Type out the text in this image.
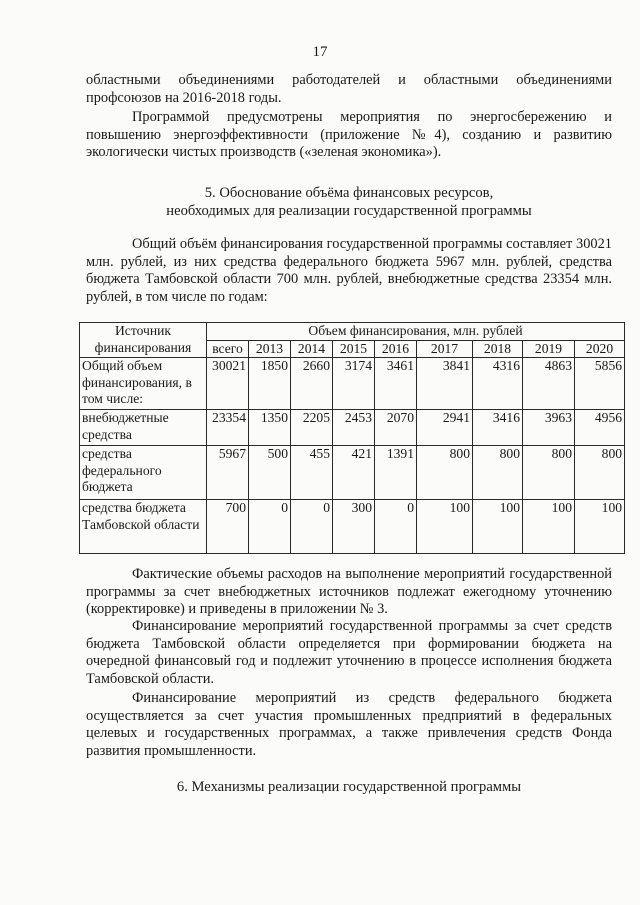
17

областными объединениями работодателей и областными объединениями

профсоюзов на 2016-2018 годы.

Программой предусмотрены мероприятия по энергосбережению и повышению энергоэффективности (приложение №4), созданию и развитию экологически чистых производств («зеленая экономика»).

5. Обоснование объёма финансовых ресурсов,

необходимых для реализации государственной программы

Общий объём финансирования государственной программы составляет 30021 млн. рублей, из них средства федерального бюджета 5967 млн. рублей, средства бюджета Тамбовской области 700 млн. рублей, внебюджетные средства 23354 млн. рублей, в том числе по годам:

Источник финансирования	Объем финансирования, млн. рублей								
	всего	2013	2014	2015	2016	2017	2018	2019	2020
Общий объем финансирования, в том числе:	30021	1850	2660	3174	3461	3841	4316	4863	5856
внебюджетные средства	23354	1350	2205	2453	2070	2941	3416	3963	4956
средства федерального бюджета	5967	500	455	421	1391	800	800	800	800
средства бюджета Тамбовской области	700	0	0	300	0	100	100	100	100

Фактические объемы расходов на выполнение мероприятий государственной программы за счет внебюджетных источников подлежат ежегодному уточнению (корректировке) и приведены в приложении № 3.

Финансирование мероприятий государственной программы за счет средств бюджета Тамбовской области определяется при формировании бюджета на очередной финансовый год и подлежит уточнению в процессе исполнения бюджета Тамбовской области.

Финансирование мероприятий из средств федерального бюджета осуществляется за счет участия промышленных предприятий в федеральных целевых и государственных программах, а также привлечения средств Фонда развития промышленности.

6. Механизмы реализации государственной программы
